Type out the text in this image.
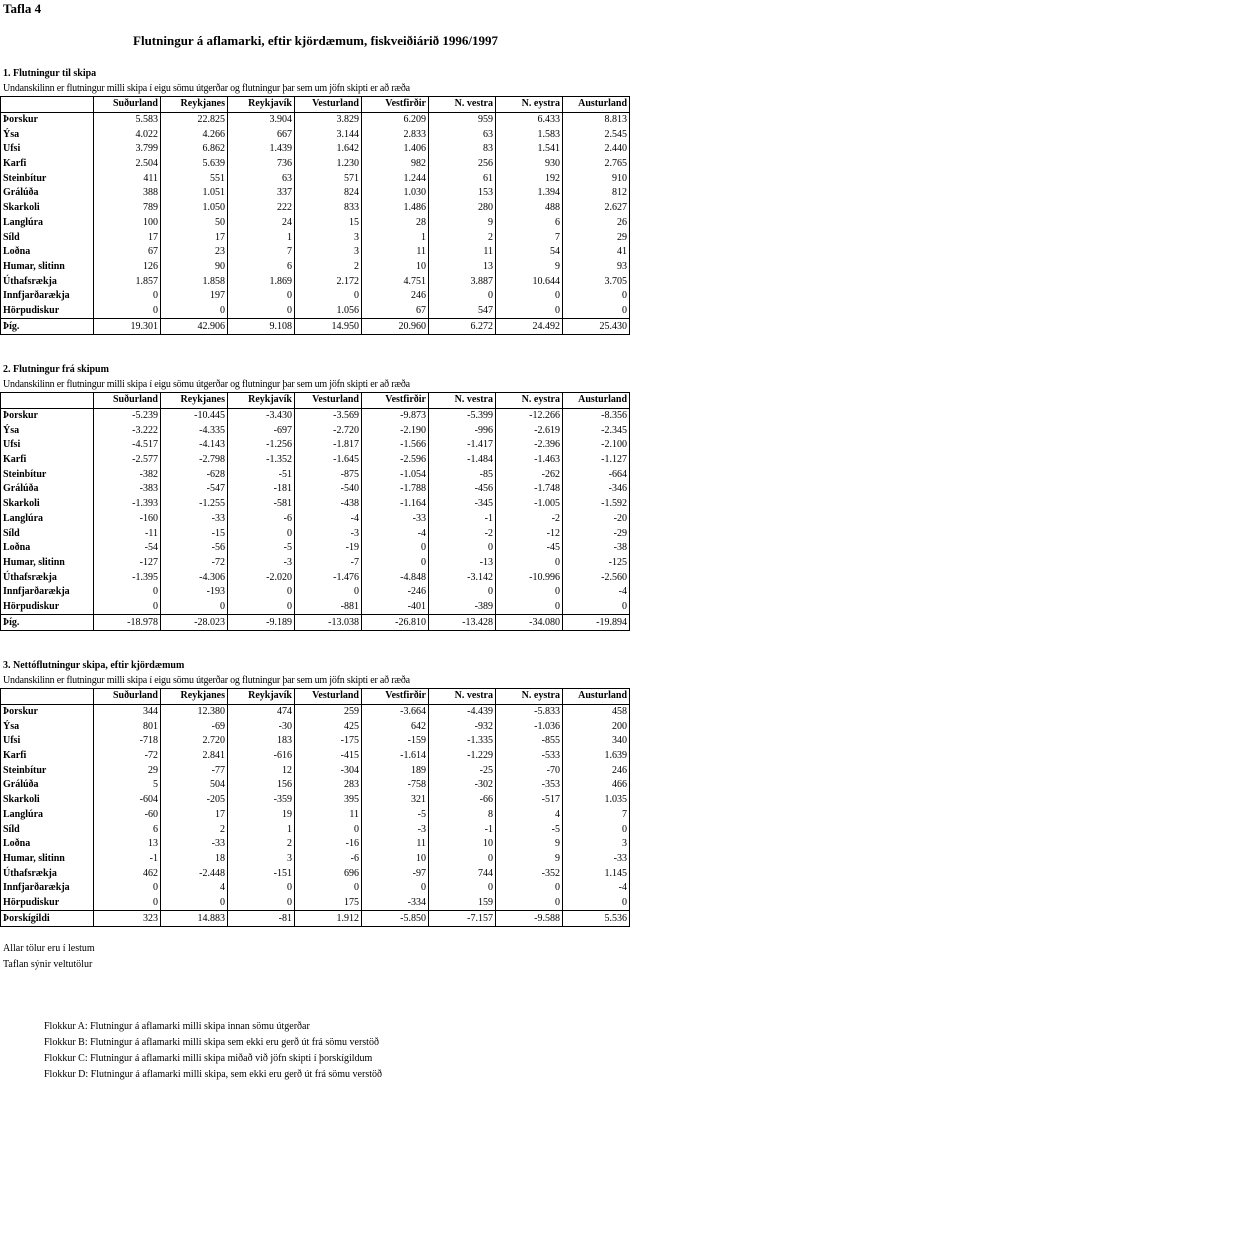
Tafla 4
Flutningur á aflamarki, eftir kjördæmum, fiskveiðiárið 1996/1997
1. Flutningur til skipa
Undanskilinn er flutningur milli skipa í eigu sömu útgerðar og flutningur þar sem um jöfn skipti er að ræða
	Suðurland	Reykjanes	Reykjavík	Vesturland	Vestfirðir	N. vestra	N. eystra	Austurland
Þorskur	5.583	22.825	3.904	3.829	6.209	959	6.433	8.813
Ýsa	4.022	4.266	667	3.144	2.833	63	1.583	2.545
Ufsi	3.799	6.862	1.439	1.642	1.406	83	1.541	2.440
Karfi	2.504	5.639	736	1.230	982	256	930	2.765
Steinbítur	411	551	63	571	1.244	61	192	910
Grálúða	388	1.051	337	824	1.030	153	1.394	812
Skarkoli	789	1.050	222	833	1.486	280	488	2.627
Langlúra	100	50	24	15	28	9	6	26
Síld	17	17	1	3	1	2	7	29
Loðna	67	23	7	3	11	11	54	41
Humar, slitinn	126	90	6	2	10	13	9	93
Úthafsrækja	1.857	1.858	1.869	2.172	4.751	3.887	10.644	3.705
Innfjarðarækja	0	197	0	0	246	0	0	0
Hörpudiskur	0	0	0	1.056	67	547	0	0
Þíg.	19.301	42.906	9.108	14.950	20.960	6.272	24.492	25.430
2. Flutningur frá skipum
Undanskilinn er flutningur milli skipa í eigu sömu útgerðar og flutningur þar sem um jöfn skipti er að ræða
	Suðurland	Reykjanes	Reykjavík	Vesturland	Vestfirðir	N. vestra	N. eystra	Austurland
Þorskur	-5.239	-10.445	-3.430	-3.569	-9.873	-5.399	-12.266	-8.356
Ýsa	-3.222	-4.335	-697	-2.720	-2.190	-996	-2.619	-2.345
Ufsi	-4.517	-4.143	-1.256	-1.817	-1.566	-1.417	-2.396	-2.100
Karfi	-2.577	-2.798	-1.352	-1.645	-2.596	-1.484	-1.463	-1.127
Steinbítur	-382	-628	-51	-875	-1.054	-85	-262	-664
Grálúða	-383	-547	-181	-540	-1.788	-456	-1.748	-346
Skarkoli	-1.393	-1.255	-581	-438	-1.164	-345	-1.005	-1.592
Langlúra	-160	-33	-6	-4	-33	-1	-2	-20
Síld	-11	-15	0	-3	-4	-2	-12	-29
Loðna	-54	-56	-5	-19	0	0	-45	-38
Humar, slitinn	-127	-72	-3	-7	0	-13	0	-125
Úthafsrækja	-1.395	-4.306	-2.020	-1.476	-4.848	-3.142	-10.996	-2.560
Innfjarðarækja	0	-193	0	0	-246	0	0	-4
Hörpudiskur	0	0	0	-881	-401	-389	0	0
Þíg.	-18.978	-28.023	-9.189	-13.038	-26.810	-13.428	-34.080	-19.894
3. Nettóflutningur skipa, eftir kjördæmum
Undanskilinn er flutningur milli skipa í eigu sömu útgerðar og flutningur þar sem um jöfn skipti er að ræða
	Suðurland	Reykjanes	Reykjavík	Vesturland	Vestfirðir	N. vestra	N. eystra	Austurland
Þorskur	344	12.380	474	259	-3.664	-4.439	-5.833	458
Ýsa	801	-69	-30	425	642	-932	-1.036	200
Ufsi	-718	2.720	183	-175	-159	-1.335	-855	340
Karfi	-72	2.841	-616	-415	-1.614	-1.229	-533	1.639
Steinbítur	29	-77	12	-304	189	-25	-70	246
Grálúða	5	504	156	283	-758	-302	-353	466
Skarkoli	-604	-205	-359	395	321	-66	-517	1.035
Langlúra	-60	17	19	11	-5	8	4	7
Síld	6	2	1	0	-3	-1	-5	0
Loðna	13	-33	2	-16	11	10	9	3
Humar, slitinn	-1	18	3	-6	10	0	9	-33
Úthafsrækja	462	-2.448	-151	696	-97	744	-352	1.145
Innfjarðarækja	0	4	0	0	0	0	0	-4
Hörpudiskur	0	0	0	175	-334	159	0	0
Þorskígildi	323	14.883	-81	1.912	-5.850	-7.157	-9.588	5.536
Allar tölur eru í lestum
Taflan sýnir veltutölur
Flokkur A: Flutningur á aflamarki milli skipa innan sömu útgerðar
Flokkur B: Flutningur á aflamarki milli skipa sem ekki eru gerð út frá sömu verstöð
Flokkur C: Flutningur á aflamarki milli skipa miðað við jöfn skipti í þorskígildum
Flokkur D: Flutningur á aflamarki milli skipa, sem ekki eru gerð út frá sömu verstöð
